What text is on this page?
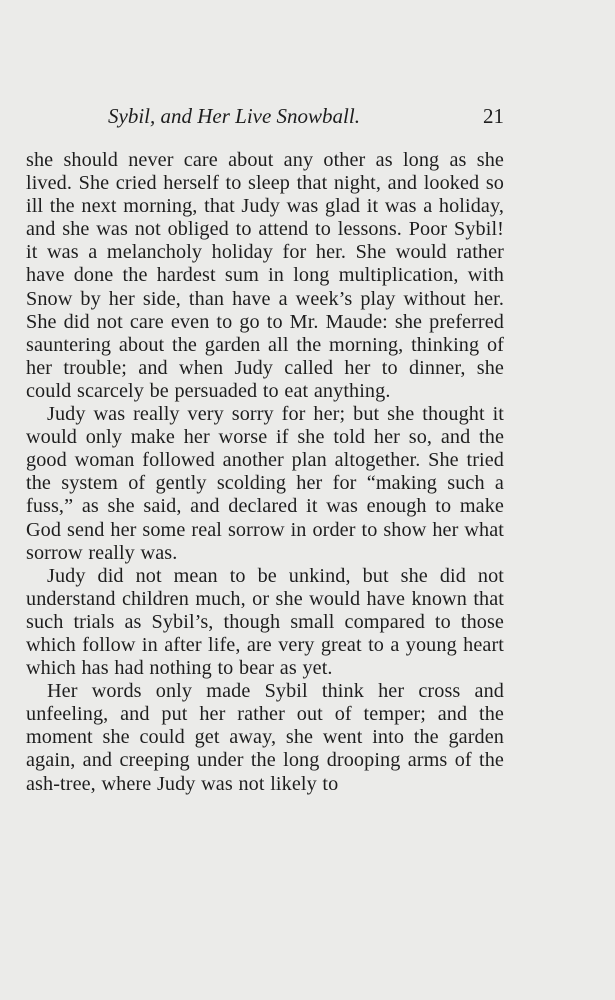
Sybil, and Her Live Snowball.	21

she should never care about any other as long as she lived. She cried herself to sleep that night, and looked so ill the next morning, that Judy was glad it was a holiday, and she was not obliged to attend to lessons. Poor Sybil! it was a melancholy holiday for her. She would rather have done the hardest sum in long multiplication, with Snow by her side, than have a week’s play without her. She did not care even to go to Mr. Maude: she preferred sauntering about the garden all the morning, thinking of her trouble; and when Judy called her to dinner, she could scarcely be persuaded to eat anything.

Judy was really very sorry for her; but she thought it would only make her worse if she told her so, and the good woman followed another plan altogether. She tried the system of gently scolding her for “making such a fuss,” as she said, and declared it was enough to make God send her some real sorrow in order to show her what sorrow really was.

Judy did not mean to be unkind, but she did not understand children much, or she would have known that such trials as Sybil’s, though small compared to those which follow in after life, are very great to a young heart which has had nothing to bear as yet.

Her words only made Sybil think her cross and unfeeling, and put her rather out of temper; and the moment she could get away, she went into the garden again, and creeping under the long drooping arms of the ash-tree, where Judy was not likely to
